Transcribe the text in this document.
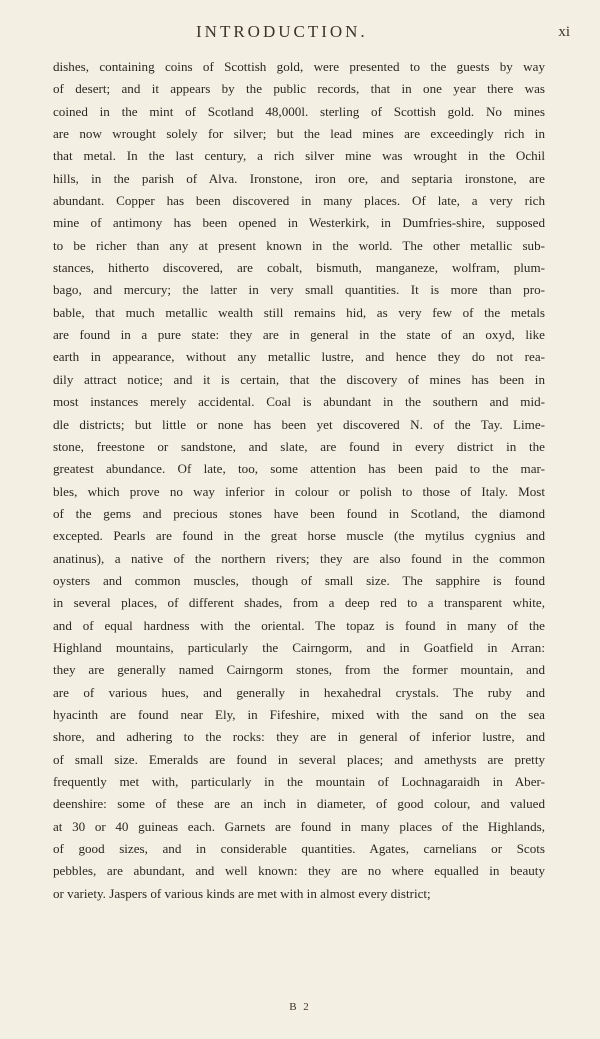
INTRODUCTION.	xi
dishes, containing coins of Scottish gold, were presented to the guests by way
of desert; and it appears by the public records, that in one year there was
coined in the mint of Scotland 48,000l. sterling of Scottish gold. No mines
are now wrought solely for silver; but the lead mines are exceedingly rich in
that metal. In the last century, a rich silver mine was wrought in the Ochil
hills, in the parish of Alva. Ironstone, iron ore, and septaria ironstone, are
abundant. Copper has been discovered in many places. Of late, a very rich
mine of antimony has been opened in Westerkirk, in Dumfries-shire, supposed
to be richer than any at present known in the world. The other metallic sub-
stances, hitherto discovered, are cobalt, bismuth, manganeze, wolfram, plum-
bago, and mercury; the latter in very small quantities. It is more than pro-
bable, that much metallic wealth still remains hid, as very few of the metals
are found in a pure state: they are in general in the state of an oxyd, like
earth in appearance, without any metallic lustre, and hence they do not rea-
dily attract notice; and it is certain, that the discovery of mines has been in
most instances merely accidental. Coal is abundant in the southern and mid-
dle districts; but little or none has been yet discovered N. of the Tay. Lime-
stone, freestone or sandstone, and slate, are found in every district in the
greatest abundance. Of late, too, some attention has been paid to the mar-
bles, which prove no way inferior in colour or polish to those of Italy. Most
of the gems and precious stones have been found in Scotland, the diamond
excepted. Pearls are found in the great horse muscle (the mytilus cygnius and
anatinus), a native of the northern rivers; they are also found in the common
oysters and common muscles, though of small size. The sapphire is found
in several places, of different shades, from a deep red to a transparent white,
and of equal hardness with the oriental. The topaz is found in many of the
Highland mountains, particularly the Cairngorm, and in Goatfield in Arran:
they are generally named Cairngorm stones, from the former mountain, and
are of various hues, and generally in hexahedral crystals. The ruby and
hyacinth are found near Ely, in Fifeshire, mixed with the sand on the sea
shore, and adhering to the rocks: they are in general of inferior lustre, and
of small size. Emeralds are found in several places; and amethysts are pretty
frequently met with, particularly in the mountain of Lochnagaraidh in Aber-
deenshire: some of these are an inch in diameter, of good colour, and valued
at 30 or 40 guineas each. Garnets are found in many places of the Highlands,
of good sizes, and in considerable quantities. Agates, carnelians or Scots
pebbles, are abundant, and well known: they are no where equalled in beauty
or variety. Jaspers of various kinds are met with in almost every district;
B 2
